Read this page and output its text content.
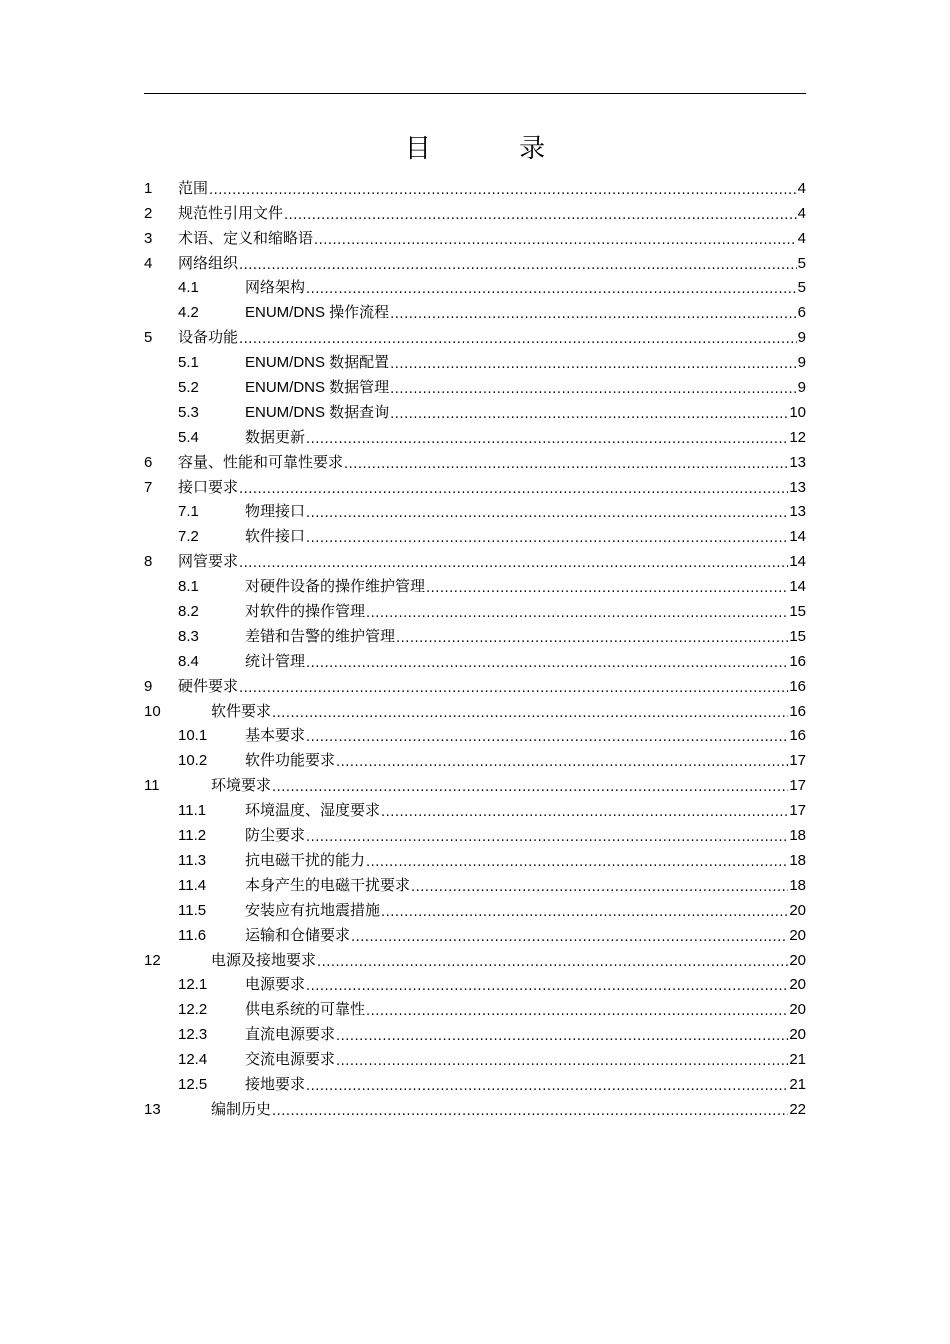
目 录
1	范围 .....	4
2	规范性引用文件 .....	4
3	术语、定义和缩略语 .....	4
4	网络组织 .....	5
4.1	网络架构 .....	5
4.2	ENUM/DNS 操作流程 .....	6
5	设备功能 .....	9
5.1	ENUM/DNS 数据配置 .....	9
5.2	ENUM/DNS 数据管理 .....	9
5.3	ENUM/DNS 数据查询 .....	10
5.4	数据更新 .....	12
6	容量、性能和可靠性要求 .....	13
7	接口要求 .....	13
7.1	物理接口 .....	13
7.2	软件接口 .....	14
8	网管要求 .....	14
8.1	对硬件设备的操作维护管理 .....	14
8.2	对软件的操作管理 .....	15
8.3	差错和告警的维护管理 .....	15
8.4	统计管理 .....	16
9	硬件要求 .....	16
10	软件要求 .....	16
10.1	基本要求 .....	16
10.2	软件功能要求 .....	17
11	环境要求 .....	17
11.1	环境温度、湿度要求 .....	17
11.2	防尘要求 .....	18
11.3	抗电磁干扰的能力 .....	18
11.4	本身产生的电磁干扰要求 .....	18
11.5	安装应有抗地震措施 .....	20
11.6	运输和仓储要求 .....	20
12	电源及接地要求 .....	20
12.1	电源要求 .....	20
12.2	供电系统的可靠性 .....	20
12.3	直流电源要求 .....	20
12.4	交流电源要求 .....	21
12.5	接地要求 .....	21
13	编制历史 .....	22
